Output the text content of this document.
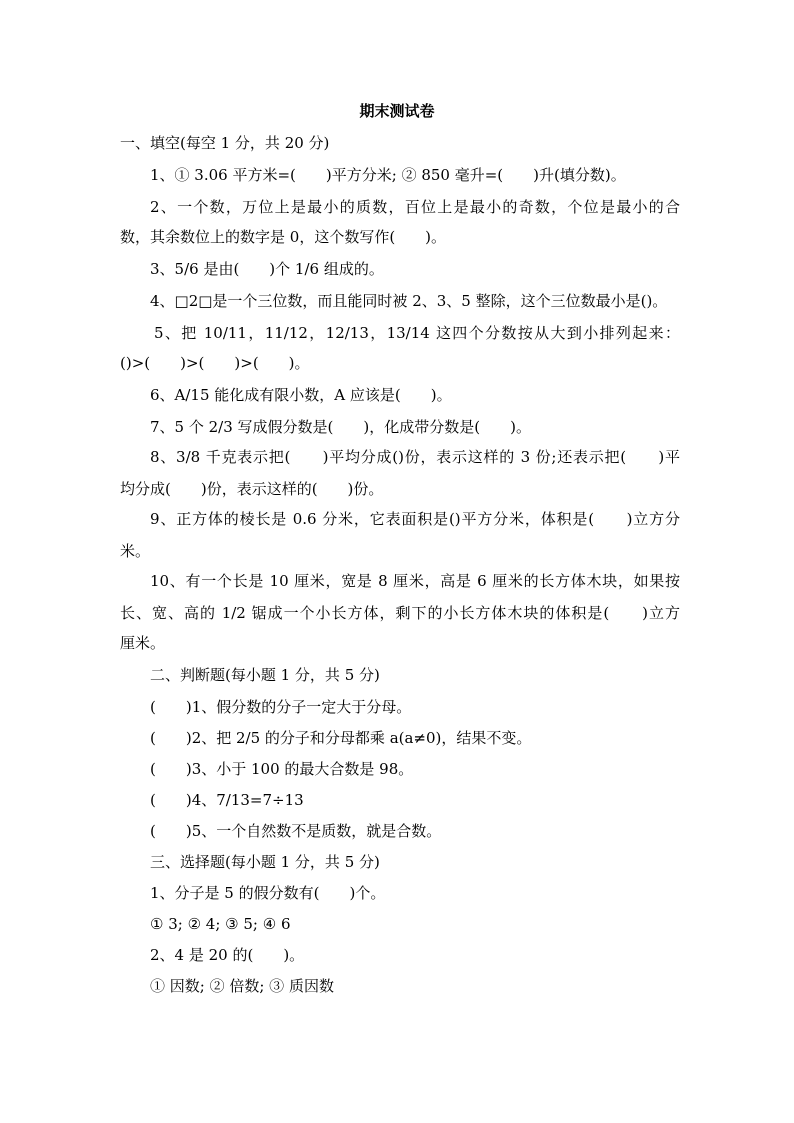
期末测试卷
一、填空(每空 1 分，共 20 分)
1、① 3.06 平方米=(　　)平方分米; ② 850 毫升=(　　)升(填分数)。
2、一个数，万位上是最小的质数，百位上是最小的奇数，个位是最小的合
数，其余数位上的数字是 0，这个数写作(　　)。
3、5/6 是由(　　)个 1/6 组成的。
4、□2□是一个三位数，而且能同时被 2、3、5 整除，这个三位数最小是()。
5、把 10/11，11/12，12/13，13/14 这四个分数按从大到小排列起来：
()>(　　)>(　　)>(　　)。
6、A/15 能化成有限小数，A 应该是(　　)。
7、5 个 2/3 写成假分数是(　　)，化成带分数是(　　)。
8、3/8 千克表示把(　　)平均分成()份，表示这样的 3 份;还表示把(　　)平
均分成(　　)份，表示这样的(　　)份。
9、正方体的棱长是 0.6 分米，它表面积是()平方分米，体积是(　　)立方分
米。
10、有一个长是 10 厘米，宽是 8 厘米，高是 6 厘米的长方体木块，如果按
长、宽、高的 1/2 锯成一个小长方体，剩下的小长方体木块的体积是(　　)立方
厘米。
二、判断题(每小题 1 分，共 5 分)
(　　)1、假分数的分子一定大于分母。
(　　)2、把 2/5 的分子和分母都乘 a(a≠0)，结果不变。
(　　)3、小于 100 的最大合数是 98。
(　　)4、7/13=7÷13
(　　)5、一个自然数不是质数，就是合数。
三、选择题(每小题 1 分，共 5 分)
1、分子是 5 的假分数有(　　)个。
① 3; ② 4; ③ 5; ④ 6
2、4 是 20 的(　　)。
① 因数; ② 倍数; ③ 质因数
